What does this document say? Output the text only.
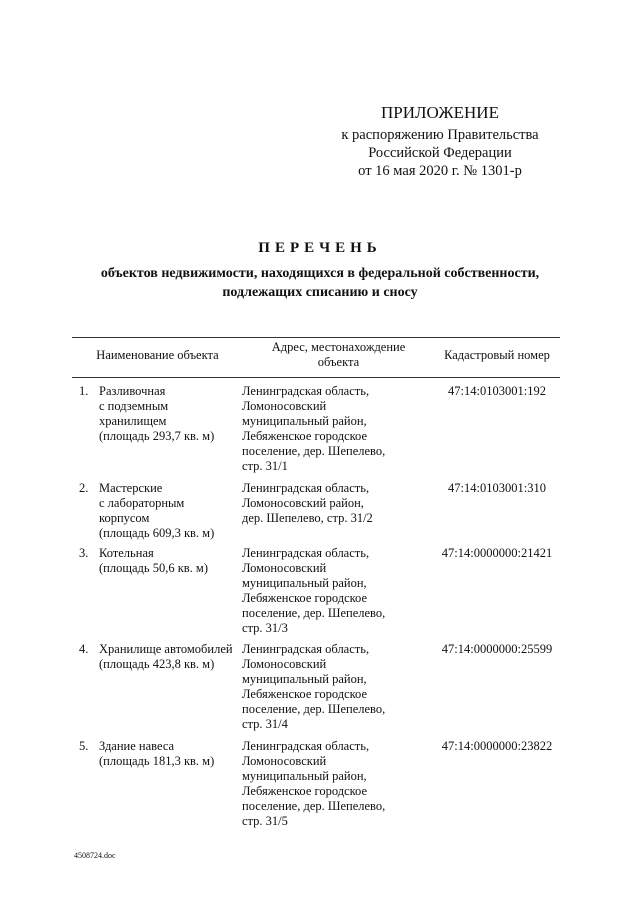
ПРИЛОЖЕНИЕ
к распоряжению Правительства
Российской Федерации
от 16 мая 2020 г. № 1301-р
ПЕРЕЧЕНЬ
объектов недвижимости, находящихся в федеральной собственности,
подлежащих списанию и сносу
Наименование объекта
Адрес, местонахождение
объекта	Кадастровый номер
1. Разливочная
с подземным
хранилищем
(площадь 293,7 кв. м)
Ленинградская область,
Ломоносовский
муниципальный район,
Лебяженское городское
поселение, дер. Шепелево,
стр. 31/1
47:14:0103001:192
2. Мастерские
с лабораторным
корпусом
(площадь 609,3 кв. м)
Ленинградская область,
Ломоносовский район,
дер. Шепелево, стр. 31/2
47:14:0103001:310
3. Котельная
(площадь 50,6 кв. м)
Ленинградская область,
Ломоносовский
муниципальный район,
Лебяженское городское
поселение, дер. Шепелево,
стр. 31/3
47:14:0000000:21421
4. Хранилище автомобилей
(площадь 423,8 кв. м)
Ленинградская область,
Ломоносовский
муниципальный район,
Лебяженское городское
поселение, дер. Шепелево,
стр. 31/4
47:14:0000000:25599
5. Здание навеса
(площадь 181,3 кв. м)
Ленинградская область,
Ломоносовский
муниципальный район,
Лебяженское городское
поселение, дер. Шепелево,
стр. 31/5
47:14:0000000:23822
4508724.doc
